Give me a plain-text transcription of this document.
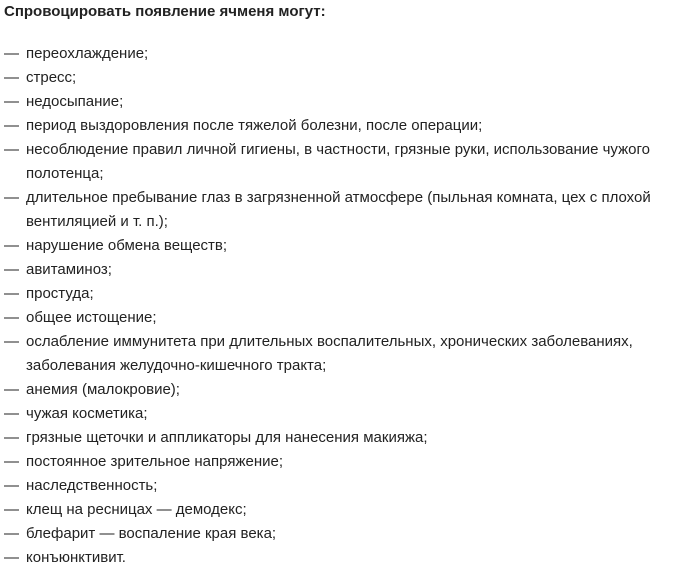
Спровоцировать появление ячменя могут:
— переохлаждение;
— стресс;
— недосыпание;
— период выздоровления после тяжелой болезни, после операции;
— несоблюдение правил личной гигиены, в частности, грязные руки, использование чужого полотенца;
— длительное пребывание глаз в загрязненной атмосфере (пыльная комната, цех с плохой вентиляцией и т. п.);
— нарушение обмена веществ;
— авитаминоз;
— простуда;
— общее истощение;
— ослабление иммунитета при длительных воспалительных, хронических заболеваниях, заболевания желудочно-кишечного тракта;
— анемия (малокровие);
— чужая косметика;
— грязные щеточки и аппликаторы для нанесения макияжа;
— постоянное зрительное напряжение;
— наследственность;
— клещ на ресницах — демодекс;
— блефарит — воспаление края века;
— конъюнктивит.
